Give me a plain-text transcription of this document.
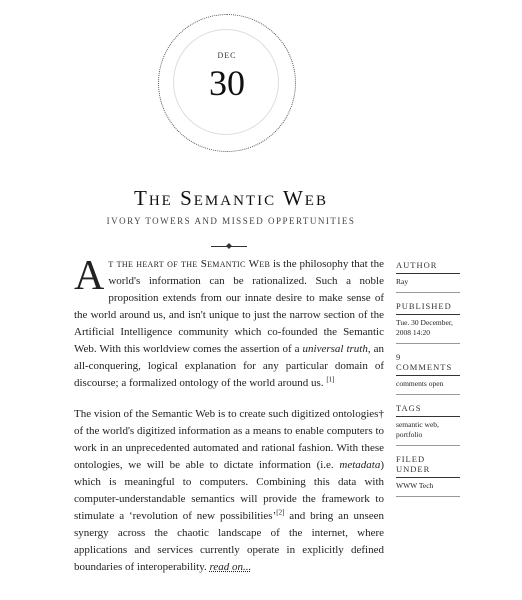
DEC
30
The Semantic Web
IVORY TOWERS AND MISSED OPPERTUNITIES

At the heart of the Semantic Web is the philosophy that the world's information can be rationalized. Such a noble proposition extends from our innate desire to make sense of the world around us, and isn't unique to just the narrow section of the Artificial Intelligence community which co-founded the Semantic Web. With this worldview comes the assertion of a universal truth, an all-conquering, logical explanation for any particular domain of discourse; a formalized ontology of the world around us. [1]

The vision of the Semantic Web is to create such digitized ontologies† of the world's digitized information as a means to enable computers to work in an unprecedented automated and rational fashion. With these ontologies, we will be able to dictate information (i.e. metadata) which is meaningful to computers. Combining this data with computer-understandable semantics will provide the framework to stimulate a ‘revolution of new possibilities’[2] and bring an unseen synergy across the chaotic landscape of the internet, where applications and services currently operate in explicitly defined boundaries of interoperability. read on...

AUTHOR
Ray
PUBLISHED
Tue. 30 December, 2008 14:20
9 COMMENTS
comments open
TAGS
semantic web, portfolio
FILED UNDER
WWW Tech
